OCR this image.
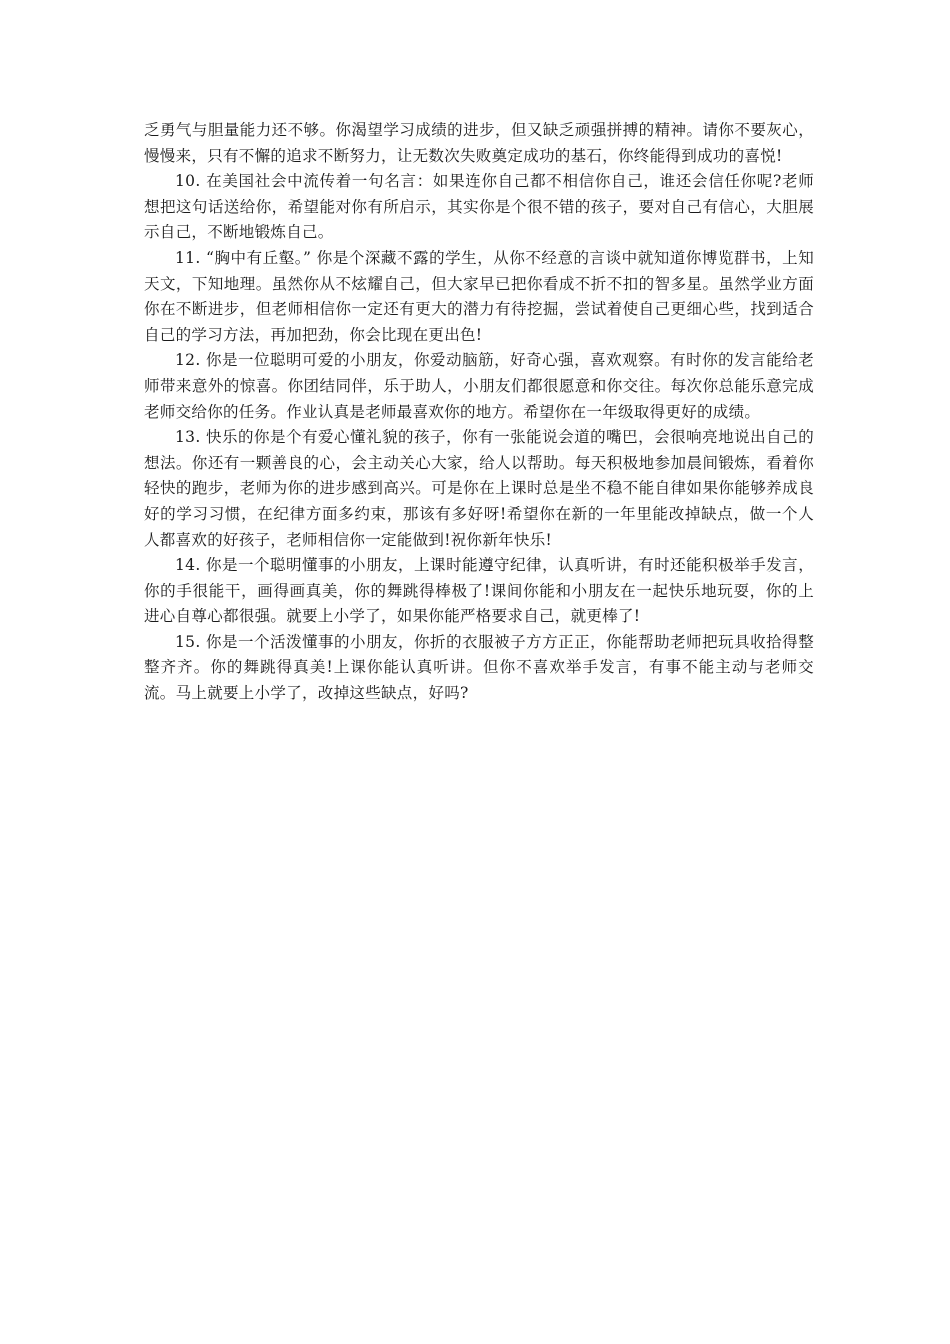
乏勇气与胆量能力还不够。你渴望学习成绩的进步，但又缺乏顽强拼搏的精神。请你不要灰心，慢慢来，只有不懈的追求不断努力，让无数次失败奠定成功的基石，你终能得到成功的喜悦!

10. 在美国社会中流传着一句名言：如果连你自己都不相信你自己，谁还会信任你呢?老师想把这句话送给你，希望能对你有所启示，其实你是个很不错的孩子，要对自己有信心，大胆展示自己，不断地锻炼自己。

11. “胸中有丘壑。” 你是个深藏不露的学生，从你不经意的言谈中就知道你博览群书，上知天文，下知地理。虽然你从不炫耀自己，但大家早已把你看成不折不扣的智多星。虽然学业方面你在不断进步，但老师相信你一定还有更大的潜力有待挖掘，尝试着使自己更细心些，找到适合自己的学习方法，再加把劲，你会比现在更出色!

12. 你是一位聪明可爱的小朋友，你爱动脑筋，好奇心强，喜欢观察。有时你的发言能给老师带来意外的惊喜。你团结同伴，乐于助人，小朋友们都很愿意和你交往。每次你总能乐意完成老师交给你的任务。作业认真是老师最喜欢你的地方。希望你在一年级取得更好的成绩。

13. 快乐的你是个有爱心懂礼貌的孩子，你有一张能说会道的嘴巴，会很响亮地说出自己的想法。你还有一颗善良的心，会主动关心大家，给人以帮助。每天积极地参加晨间锻炼，看着你轻快的跑步，老师为你的进步感到高兴。可是你在上课时总是坐不稳不能自律如果你能够养成良好的学习习惯，在纪律方面多约束，那该有多好呀!希望你在新的一年里能改掉缺点，做一个人人都喜欢的好孩子，老师相信你一定能做到!祝你新年快乐!

14. 你是一个聪明懂事的小朋友，上课时能遵守纪律，认真听讲，有时还能积极举手发言，你的手很能干，画得画真美，你的舞跳得棒极了!课间你能和小朋友在一起快乐地玩耍，你的上进心自尊心都很强。就要上小学了，如果你能严格要求自己，就更棒了!

15. 你是一个活泼懂事的小朋友，你折的衣服被子方方正正，你能帮助老师把玩具收拾得整整齐齐。你的舞跳得真美!上课你能认真听讲。但你不喜欢举手发言，有事不能主动与老师交流。马上就要上小学了，改掉这些缺点，好吗?
